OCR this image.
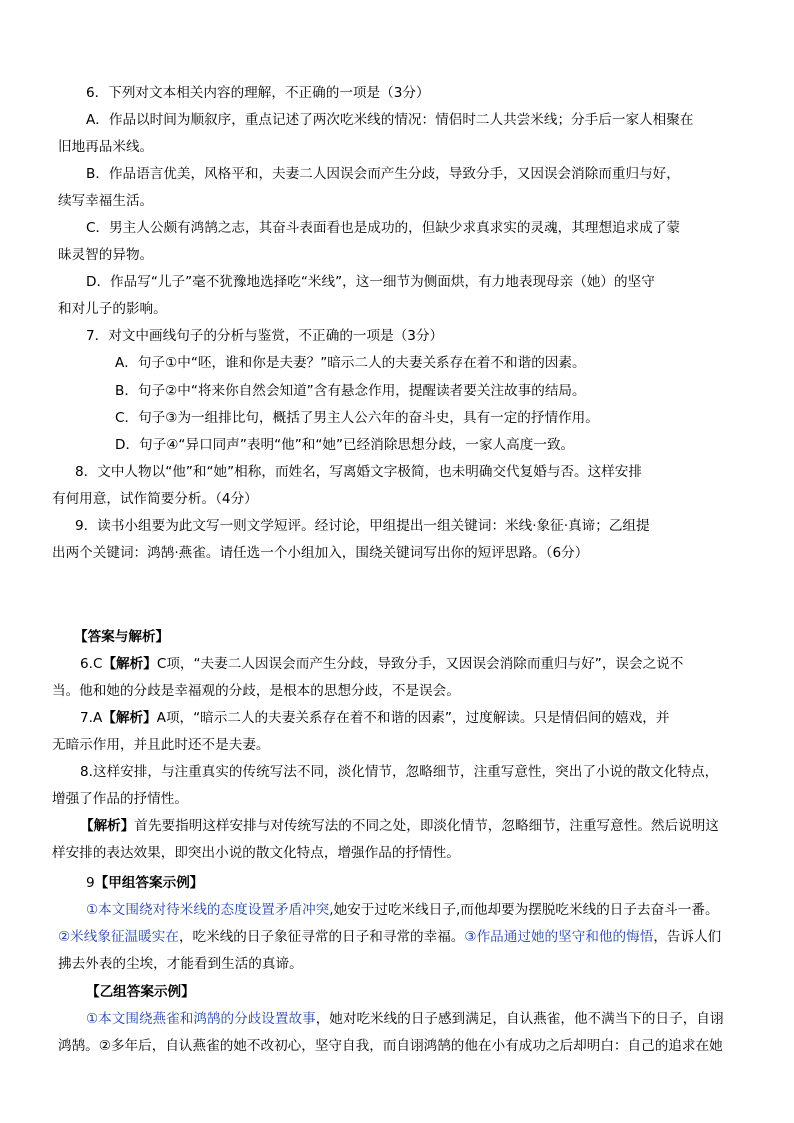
6．下列对文本相关内容的理解，不正确的一项是（3分）
A．作品以时间为顺叙序，重点记述了两次吃米线的情况：情侣时二人共尝米线；分手后一家人相聚在
旧地再品米线。
B．作品语言优美，风格平和，夫妻二人因误会而产生分歧，导致分手，又因误会消除而重归与好，
续写幸福生活。
C．男主人公颇有鸿鹄之志，其奋斗表面看也是成功的，但缺少求真求实的灵魂，其理想追求成了蒙
昧灵智的异物。
D．作品写“儿子”毫不犹豫地选择吃“米线”，这一细节为侧面烘，有力地表现母亲（她）的坚守
和对儿子的影响。
7．对文中画线句子的分析与鉴赏，不正确的一项是（3分）
A．句子①中“呸，谁和你是夫妻？”暗示二人的夫妻关系存在着不和谐的因素。
B．句子②中“将来你自然会知道”含有悬念作用，提醒读者要关注故事的结局。
C．句子③为一组排比句，概括了男主人公六年的奋斗史，具有一定的抒情作用。
D．句子④“异口同声”表明“他”和“她”已经消除思想分歧，一家人高度一致。
8．文中人物以“他”和“她”相称，而姓名，写离婚文字极简，也未明确交代复婚与否。这样安排
有何用意，试作简要分析。（4分）
9．读书小组要为此文写一则文学短评。经讨论，甲组提出一组关键词：米线·象征·真谛；乙组提
出两个关键词：鸿鹄·燕雀。请任选一个小组加入，围绕关键词写出你的短评思路。（6分）
【答案与解析】
6.C【解析】C项，“夫妻二人因误会而产生分歧，导致分手，又因误会消除而重归与好”，误会之说不
当。他和她的分歧是幸福观的分歧，是根本的思想分歧，不是误会。
7.A【解析】A项，“暗示二人的夫妻关系存在着不和谐的因素”，过度解读。只是情侣间的嬉戏，并
无暗示作用，并且此时还不是夫妻。
8.这样安排，与注重真实的传统写法不同，淡化情节，忽略细节，注重写意性，突出了小说的散文化特点，
增强了作品的抒情性。
【解析】首先要指明这样安排与对传统写法的不同之处，即淡化情节，忽略细节，注重写意性。然后说明这
样安排的表达效果，即突出小说的散文化特点，增强作品的抒情性。
9【甲组答案示例】
①本文围绕对待米线的态度设置矛盾冲突,她安于过吃米线日子,而他却要为摆脱吃米线的日子去奋斗一番。
②米线象征温暖实在，吃米线的日子象征寻常的日子和寻常的幸福。③作品通过她的坚守和他的悔悟，告诉人们
拂去外表的尘埃，才能看到生活的真谛。
【乙组答案示例】
①本文围绕燕雀和鸿鹄的分歧设置故事，她对吃米线的日子感到满足，自认燕雀，他不满当下的日子，自诩
鸿鹄。②多年后，自认燕雀的她不改初心，坚守自我，而自诩鸿鹄的他在小有成功之后却明白：自己的追求在她
